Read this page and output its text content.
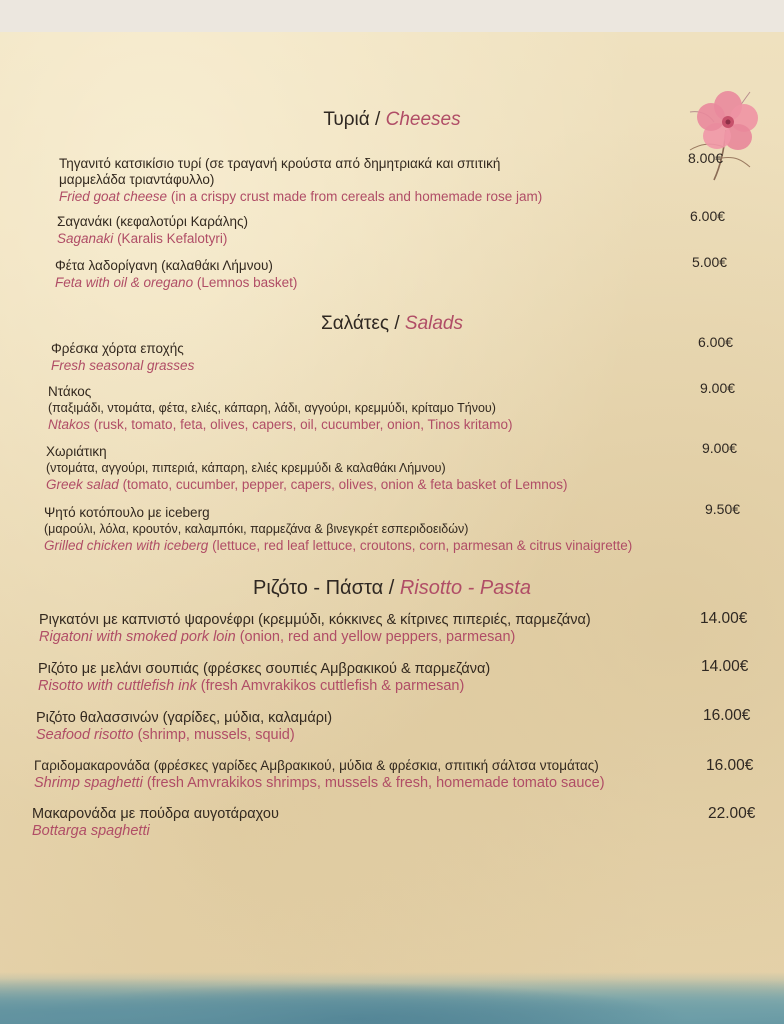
Τυριά / Cheeses
Τηγανιτό κατσικίσιο τυρί (σε τραγανή κρούστα από δημητριακά και σπιτική
μαρμελάδα τριαντάφυλλο)
Fried goat cheese (in a crispy crust made from cereals and homemade rose jam)
8.00€
Σαγανάκι (κεφαλοτύρι Καράλης)
Saganaki (Karalis Kefalotyri)
6.00€
Φέτα λαδορίγανη (καλαθάκι Λήμνου)
Feta with oil & oregano (Lemnos basket)
5.00€
Σαλάτες / Salads
Φρέσκα χόρτα εποχής
Fresh seasonal grasses
6.00€
Ντάκος
(παξιμάδι, ντομάτα, φέτα, ελιές, κάπαρη, λάδι, αγγούρι, κρεμμύδι, κρίταμο Τήνου)
Ntakos (rusk, tomato, feta, olives, capers, oil, cucumber, onion, Tinos kritamo)
9.00€
Χωριάτικη
(ντομάτα, αγγούρι, πιπεριά, κάπαρη, ελιές κρεμμύδι & καλαθάκι Λήμνου)
Greek salad (tomato, cucumber, pepper, capers, olives, onion & feta basket of Lemnos)
9.00€
Ψητό κοτόπουλο με iceberg
(μαρούλι, λόλα, κρουτόν, καλαμπόκι, παρμεζάνα & βινεγκρέτ εσπεριδοειδών)
Grilled chicken with iceberg (lettuce, red leaf lettuce, croutons, corn, parmesan & citrus vinaigrette)
9.50€
Ριζότο - Πάστα / Risotto - Pasta
Ριγκατόνι με καπνιστό ψαρονέφρι (κρεμμύδι, κόκκινες & κίτρινες πιπεριές, παρμεζάνα)
Rigatoni with smoked pork loin (onion, red and yellow peppers, parmesan)
14.00€
Ριζότο με μελάνι σουπιάς (φρέσκες σουπιές Αμβρακικού & παρμεζάνα)
Risotto with cuttlefish ink (fresh Amvrakikos cuttlefish & parmesan)
14.00€
Ριζότο θαλασσινών (γαρίδες, μύδια, καλαμάρι)
Seafood risotto (shrimp, mussels, squid)
16.00€
Γαριδομακαρονάδα (φρέσκες γαρίδες Αμβρακικού, μύδια & φρέσκια, σπιτική σάλτσα ντομάτας)
Shrimp spaghetti (fresh Amvrakikos shrimps, mussels & fresh, homemade tomato sauce)
16.00€
Μακαρονάδα με πούδρα αυγοτάραχου
Bottarga spaghetti
22.00€
